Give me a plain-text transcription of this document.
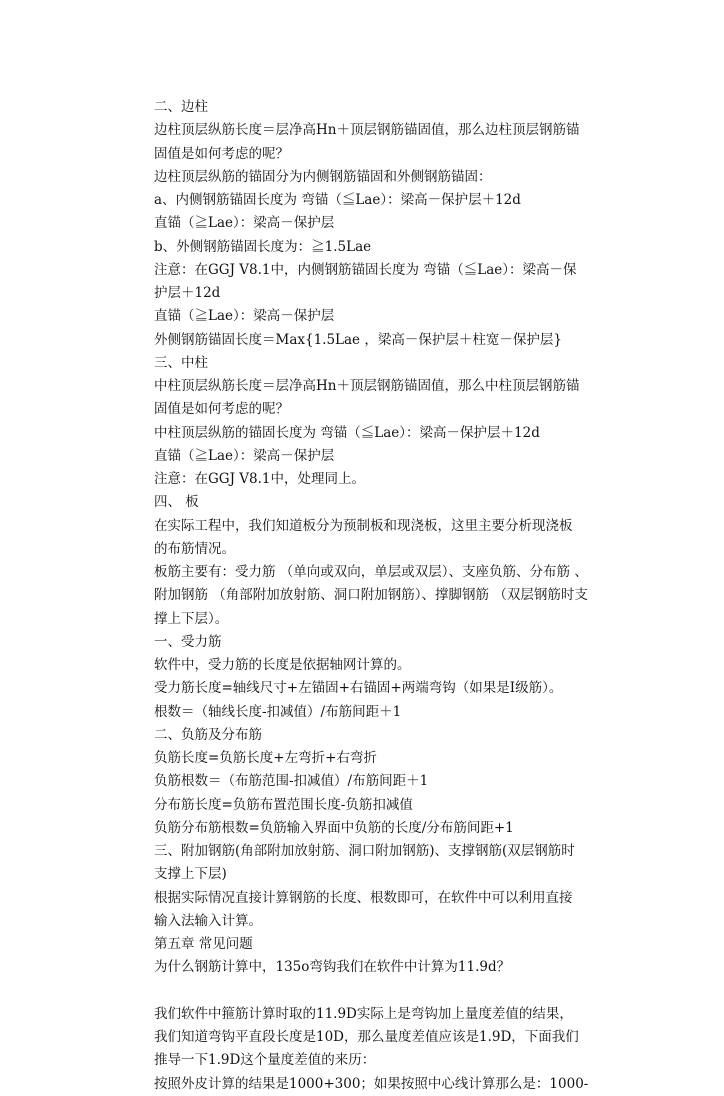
二、边柱
边柱顶层纵筋长度＝层净高Hn＋顶层钢筋锚固值，那么边柱顶层钢筋锚
固值是如何考虑的呢？
边柱顶层纵筋的锚固分为内侧钢筋锚固和外侧钢筋锚固：
a、内侧钢筋锚固长度为 弯锚（≦Lae）：梁高－保护层＋12d
直锚（≧Lae）：梁高－保护层
b、外侧钢筋锚固长度为：≧1.5Lae
注意：在GGJ V8.1中，内侧钢筋锚固长度为 弯锚（≦Lae）：梁高－保
护层＋12d
直锚（≧Lae）：梁高－保护层
外侧钢筋锚固长度＝Max{1.5Lae ，梁高－保护层＋柱宽－保护层}
三、中柱
中柱顶层纵筋长度＝层净高Hn＋顶层钢筋锚固值，那么中柱顶层钢筋锚
固值是如何考虑的呢？
中柱顶层纵筋的锚固长度为 弯锚（≦Lae）：梁高－保护层＋12d
直锚（≧Lae）：梁高－保护层
注意：在GGJ V8.1中，处理同上。
四、 板
在实际工程中，我们知道板分为预制板和现浇板，这里主要分析现浇板
的布筋情况。
板筋主要有：受力筋 （单向或双向，单层或双层）、支座负筋、分布筋 、
附加钢筋 （角部附加放射筋、洞口附加钢筋）、撑脚钢筋 （双层钢筋时支
撑上下层）。
一、受力筋
软件中，受力筋的长度是依据轴网计算的。
受力筋长度=轴线尺寸+左锚固+右锚固+两端弯钩（如果是Ⅰ级筋）。
根数＝（轴线长度-扣减值）/布筋间距＋1
二、负筋及分布筋
负筋长度=负筋长度+左弯折+右弯折
负筋根数＝（布筋范围-扣减值）/布筋间距＋1
分布筋长度=负筋布置范围长度-负筋扣减值
负筋分布筋根数=负筋输入界面中负筋的长度/分布筋间距+1
三、附加钢筋(角部附加放射筋、洞口附加钢筋)、支撑钢筋(双层钢筋时
支撑上下层)
根据实际情况直接计算钢筋的长度、根数即可，在软件中可以利用直接
输入法输入计算。
第五章 常见问题
为什么钢筋计算中，135o弯钩我们在软件中计算为11.9d？
我们软件中箍筋计算时取的11.9D实际上是弯钩加上量度差值的结果，
我们知道弯钩平直段长度是10D，那么量度差值应该是1.9D，下面我们
推导一下1.9D这个量度差值的来历：
按照外皮计算的结果是1000+300；如果按照中心线计算那么是：1000-
